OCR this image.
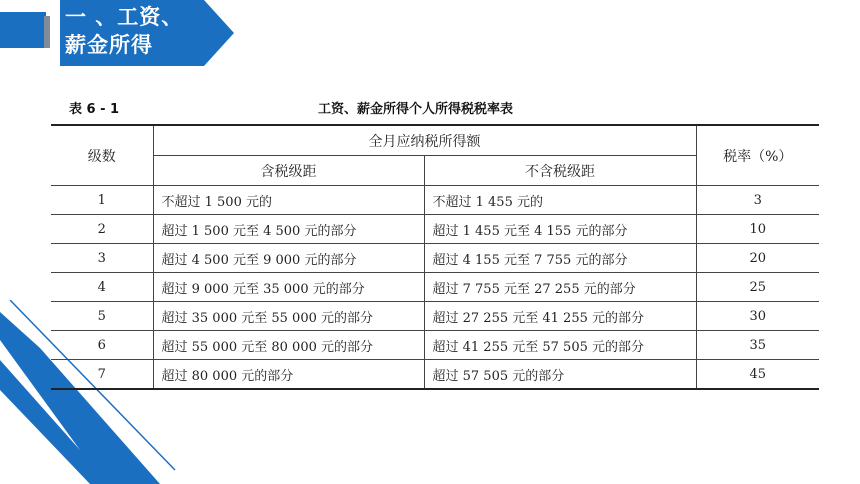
一 、工资、
薪金所得
表 6 - 1	工资、薪金所得个人所得税税率表
级数	全月应纳税所得额		税率（%）
	含税级距	不含税级距	
1	不超过 1 500 元的	不超过 1 455 元的	3
2	超过 1 500 元至 4 500 元的部分	超过 1 455 元至 4 155 元的部分	10
3	超过 4 500 元至 9 000 元的部分	超过 4 155 元至 7 755 元的部分	20
4	超过 9 000 元至 35 000 元的部分	超过 7 755 元至 27 255 元的部分	25
5	超过 35 000 元至 55 000 元的部分	超过 27 255 元至 41 255 元的部分	30
6	超过 55 000 元至 80 000 元的部分	超过 41 255 元至 57 505 元的部分	35
7	超过 80 000 元的部分	超过 57 505 元的部分	45
